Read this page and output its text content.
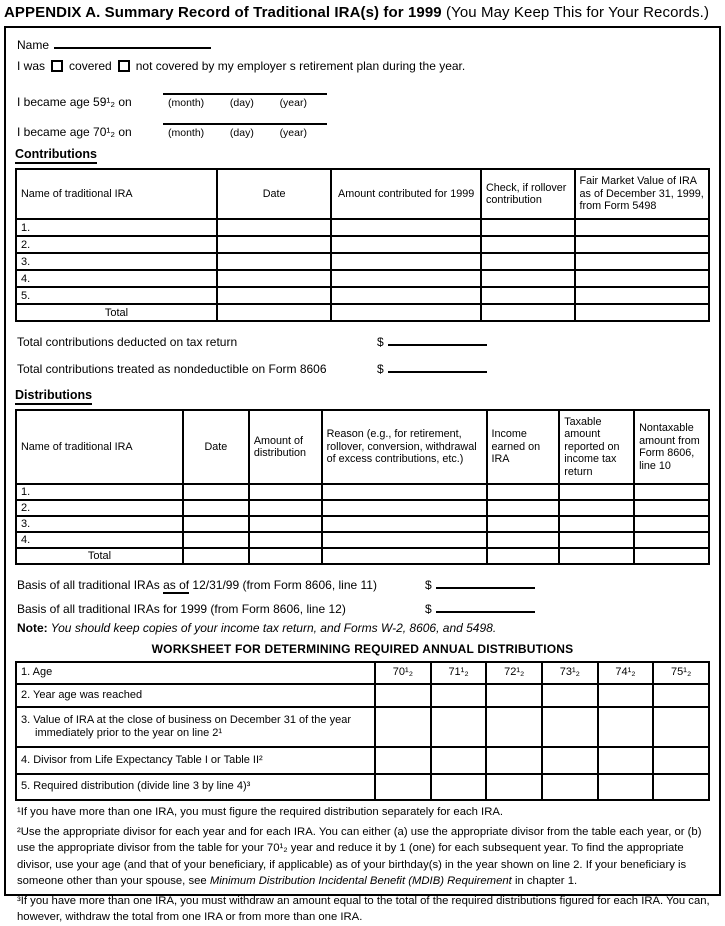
APPENDIX A. Summary Record of Traditional IRA(s) for 1999 (You May Keep This for Your Records.)
Name
I was covered not covered by my employer s retirement plan during the year.
I became age 59¹₂ on	(month) (day) (year)
I became age 70¹₂ on	(month) (day) (year)
Contributions
Name of traditional IRA	Date	Amount contributed for 1999	Check, if rollover contribution	Fair Market Value of IRA as of December 31, 1999, from Form 5498
1.				
2.				
3.				
4.				
5.				
Total				
Total contributions deducted on tax return	$
Total contributions treated as nondeductible on Form 8606	$
Distributions
Name of traditional IRA	Date	Amount of distribution	Reason (e.g., for retirement, rollover, conversion, withdrawal of excess contributions, etc.)	Income earned on IRA	Taxable amount reported on income tax return	Nontaxable amount from Form 8606, line 10
1.						
2.						
3.						
4.						
Total						
Basis of all traditional IRAs as of 12/31/99 (from Form 8606, line 11)	$
Basis of all traditional IRAs for 1999 (from Form 8606, line 12)	$
Note: You should keep copies of your income tax return, and Forms W-2, 8606, and 5498.
WORKSHEET FOR DETERMINING REQUIRED ANNUAL DISTRIBUTIONS
1. Age	70¹₂	71¹₂	72¹₂	73¹₂	74¹₂	75¹₂
2. Year age was reached						
3. Value of IRA at the close of business on December 31 of the year immediately prior to the year on line 2¹						
4. Divisor from Life Expectancy Table I or Table II²						
5. Required distribution (divide line 3 by line 4)³						
¹If you have more than one IRA, you must figure the required distribution separately for each IRA.
²Use the appropriate divisor for each year and for each IRA. You can either (a) use the appropriate divisor from the table each year, or (b) use the appropriate divisor from the table for your 70¹₂ year and reduce it by 1 (one) for each subsequent year. To find the appropriate divisor, use your age (and that of your beneficiary, if applicable) as of your birthday(s) in the year shown on line 2. If your beneficiary is someone other than your spouse, see Minimum Distribution Incidental Benefit (MDIB) Requirement in chapter 1.
³If you have more than one IRA, you must withdraw an amount equal to the total of the required distributions figured for each IRA. You can, however, withdraw the total from one IRA or from more than one IRA.
